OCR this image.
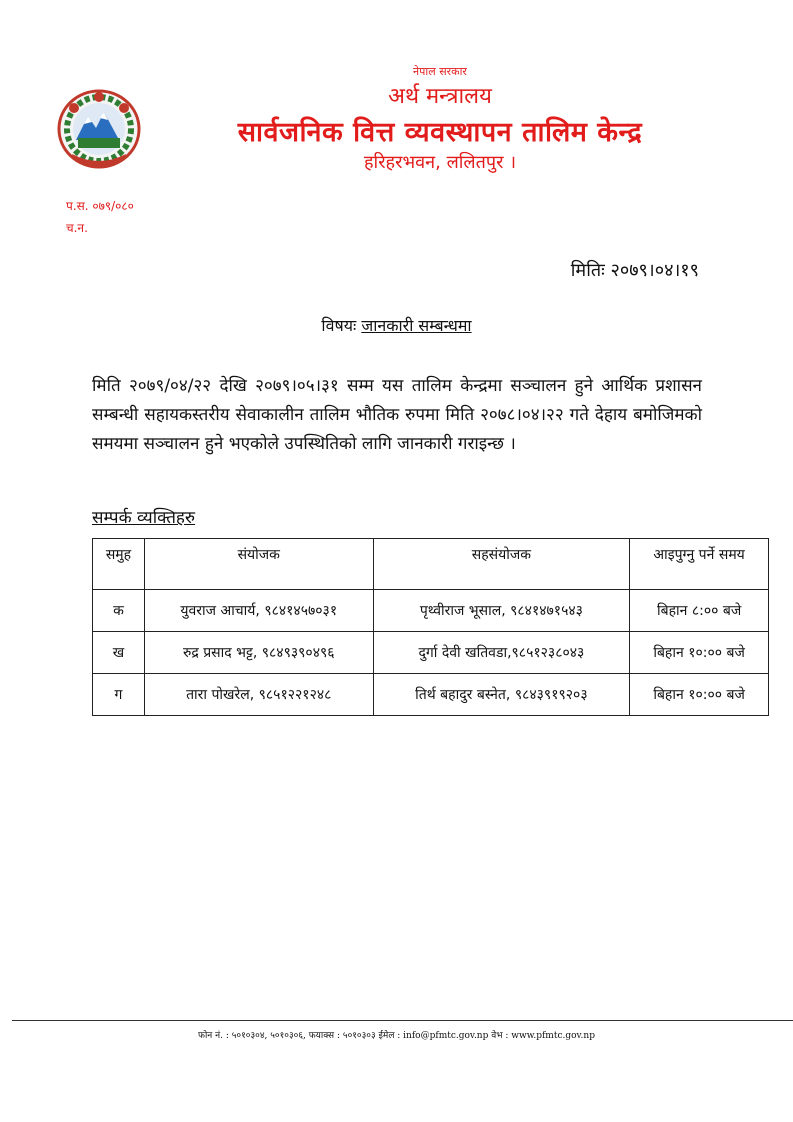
नेपाल सरकार
अर्थ मन्त्रालय
सार्वजनिक वित्त व्यवस्थापन तालिम केन्द्र
हरिहरभवन, ललितपुर ।
प.स. ०७९/०८०
च.न.
मितिः २०७९।०४।१९
विषयः जानकारी सम्बन्धमा

मिति २०७९/०४/२२ देखि २०७९।०५।३१ सम्म यस तालिम केन्द्रमा सञ्चालन हुने आर्थिक प्रशासन सम्बन्धी सहायकस्तरीय सेवाकालीन तालिम भौतिक रुपमा मिति २०७८।०४।२२ गते देहाय बमोजिमको समयमा सञ्चालन हुने भएकोले उपस्थितिको लागि जानकारी गराइन्छ ।

सम्पर्क व्यक्तिहरु
समुह	संयोजक	सहसंयोजक	आइपुग्नु पर्ने समय
क	युवराज आचार्य, ९८४१४५७०३१	पृथ्वीराज भूसाल, ९८४१४७१५४३	बिहान ८:०० बजे
ख	रुद्र प्रसाद भट्ट, ९८४९३९०४९६	दुर्गा देवी खतिवडा,९८५१२३८०४३	बिहान १०:०० बजे
ग	तारा पोखरेल, ९८५१२२१२४८	तिर्थ बहादुर बस्नेत, ९८४३९१९२०३	बिहान १०:०० बजे
फोन नं. : ५०१०३०४, ५०१०३०६, फयाक्स : ५०१०३०३ ईमेल : info@pfmtc.gov.np वेभ : www.pfmtc.gov.np
